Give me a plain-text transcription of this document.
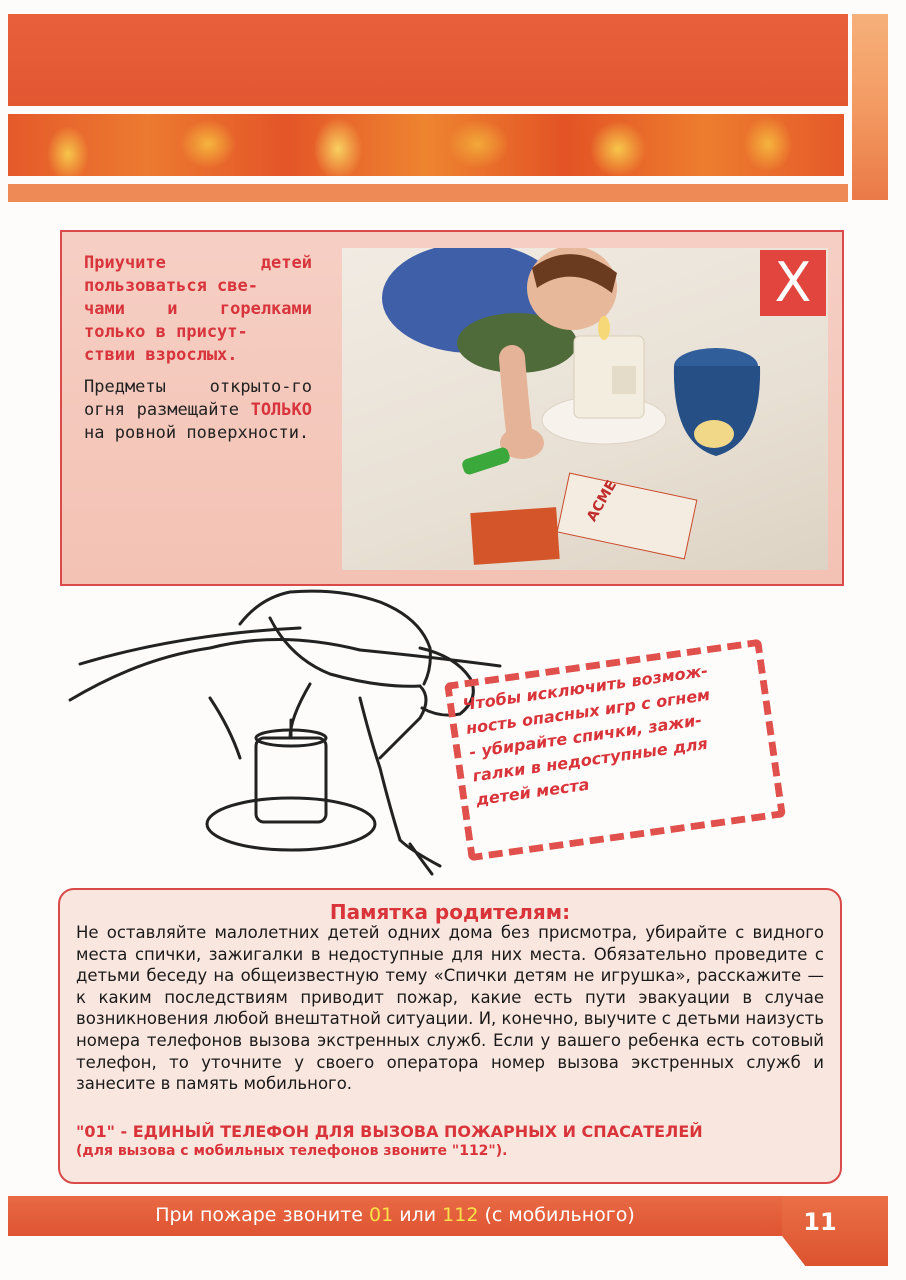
Приучите детей пользоваться све-
чами и горелками только в присут-
ствии взрослых.
Предметы открыто-го огня размещайте ТОЛЬКО на ровной поверхности.
ACME
X
Чтобы исключить возмож-
ность опасных игр с огнем
- убирайте спички, зажи-
галки в недоступные для
детей места
Памятка родителям:
Не оставляйте малолетних детей одних дома без присмотра, убирайте с видного места спички, зажигалки в недоступные для них места. Обязательно проведите с детьми беседу на общеизвестную тему «Спички детям не игрушка», расскажите — к каким последствиям приводит пожар, какие есть пути эвакуации в случае возникновения любой внештатной ситуации. И, конечно, выучите с детьми наизусть номера телефонов вызова экстренных служб. Если у вашего ребенка есть сотовый телефон, то уточните у своего оператора номер вызова экстренных служб и занесите в память мобильного.
"01" - ЕДИНЫЙ ТЕЛЕФОН ДЛЯ ВЫЗОВА ПОЖАРНЫХ И СПАСАТЕЛЕЙ
(для вызова с мобильных телефонов звоните "112").
При пожаре звоните 01 или 112 (с мобильного)	11
